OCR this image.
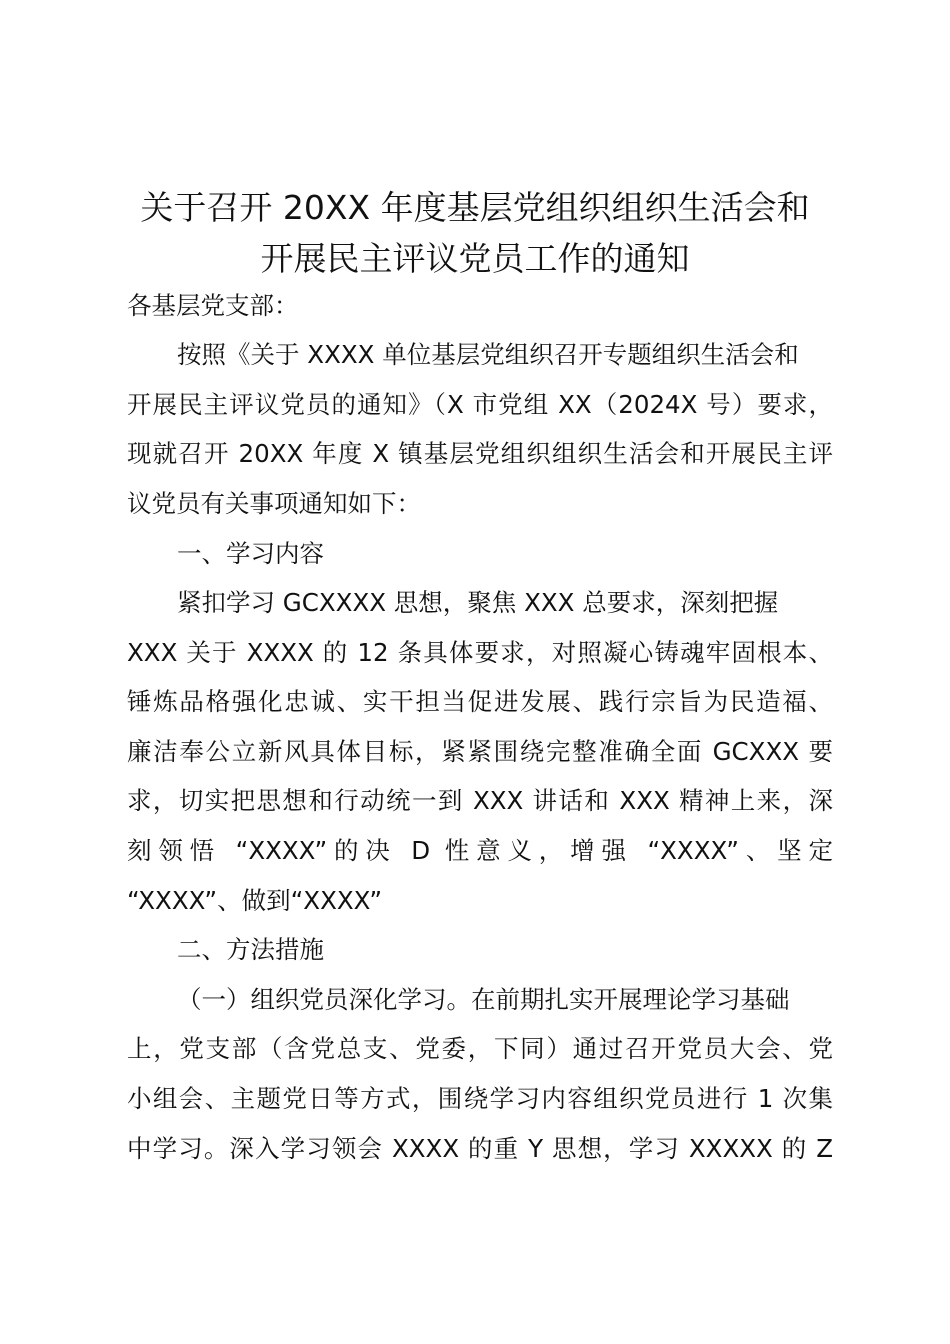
关于召开 20XX 年度基层党组织组织生活会和
开展民主评议党员工作的通知
各基层党支部：
按照《关于 XXXX 单位基层党组织召开专题组织生活会和
开展民主评议党员的通知》（X 市党组 XX（2024X 号）要求，
现就召开 20XX 年度 X 镇基层党组织组织生活会和开展民主评
议党员有关事项通知如下：
一、学习内容
紧扣学习 GCXXXX 思想，聚焦 XXX 总要求，深刻把握
XXX 关于 XXXX 的 12 条具体要求，对照凝心铸魂牢固根本、
锤炼品格强化忠诚、实干担当促进发展、践行宗旨为民造福、
廉洁奉公立新风具体目标，紧紧围绕完整准确全面 GCXXX 要
求，切实把思想和行动统一到 XXX 讲话和 XXX 精神上来，深
刻领悟 “XXXX”的决 D 性意义，增强 “XXXX”、坚定
“XXXX”、做到“XXXX”
二、方法措施
（一）组织党员深化学习。在前期扎实开展理论学习基础
上，党支部（含党总支、党委，下同）通过召开党员大会、党
小组会、主题党日等方式，围绕学习内容组织党员进行 1 次集
中学习。深入学习领会 XXXX 的重 Y 思想，学习 XXXXX 的 Z
